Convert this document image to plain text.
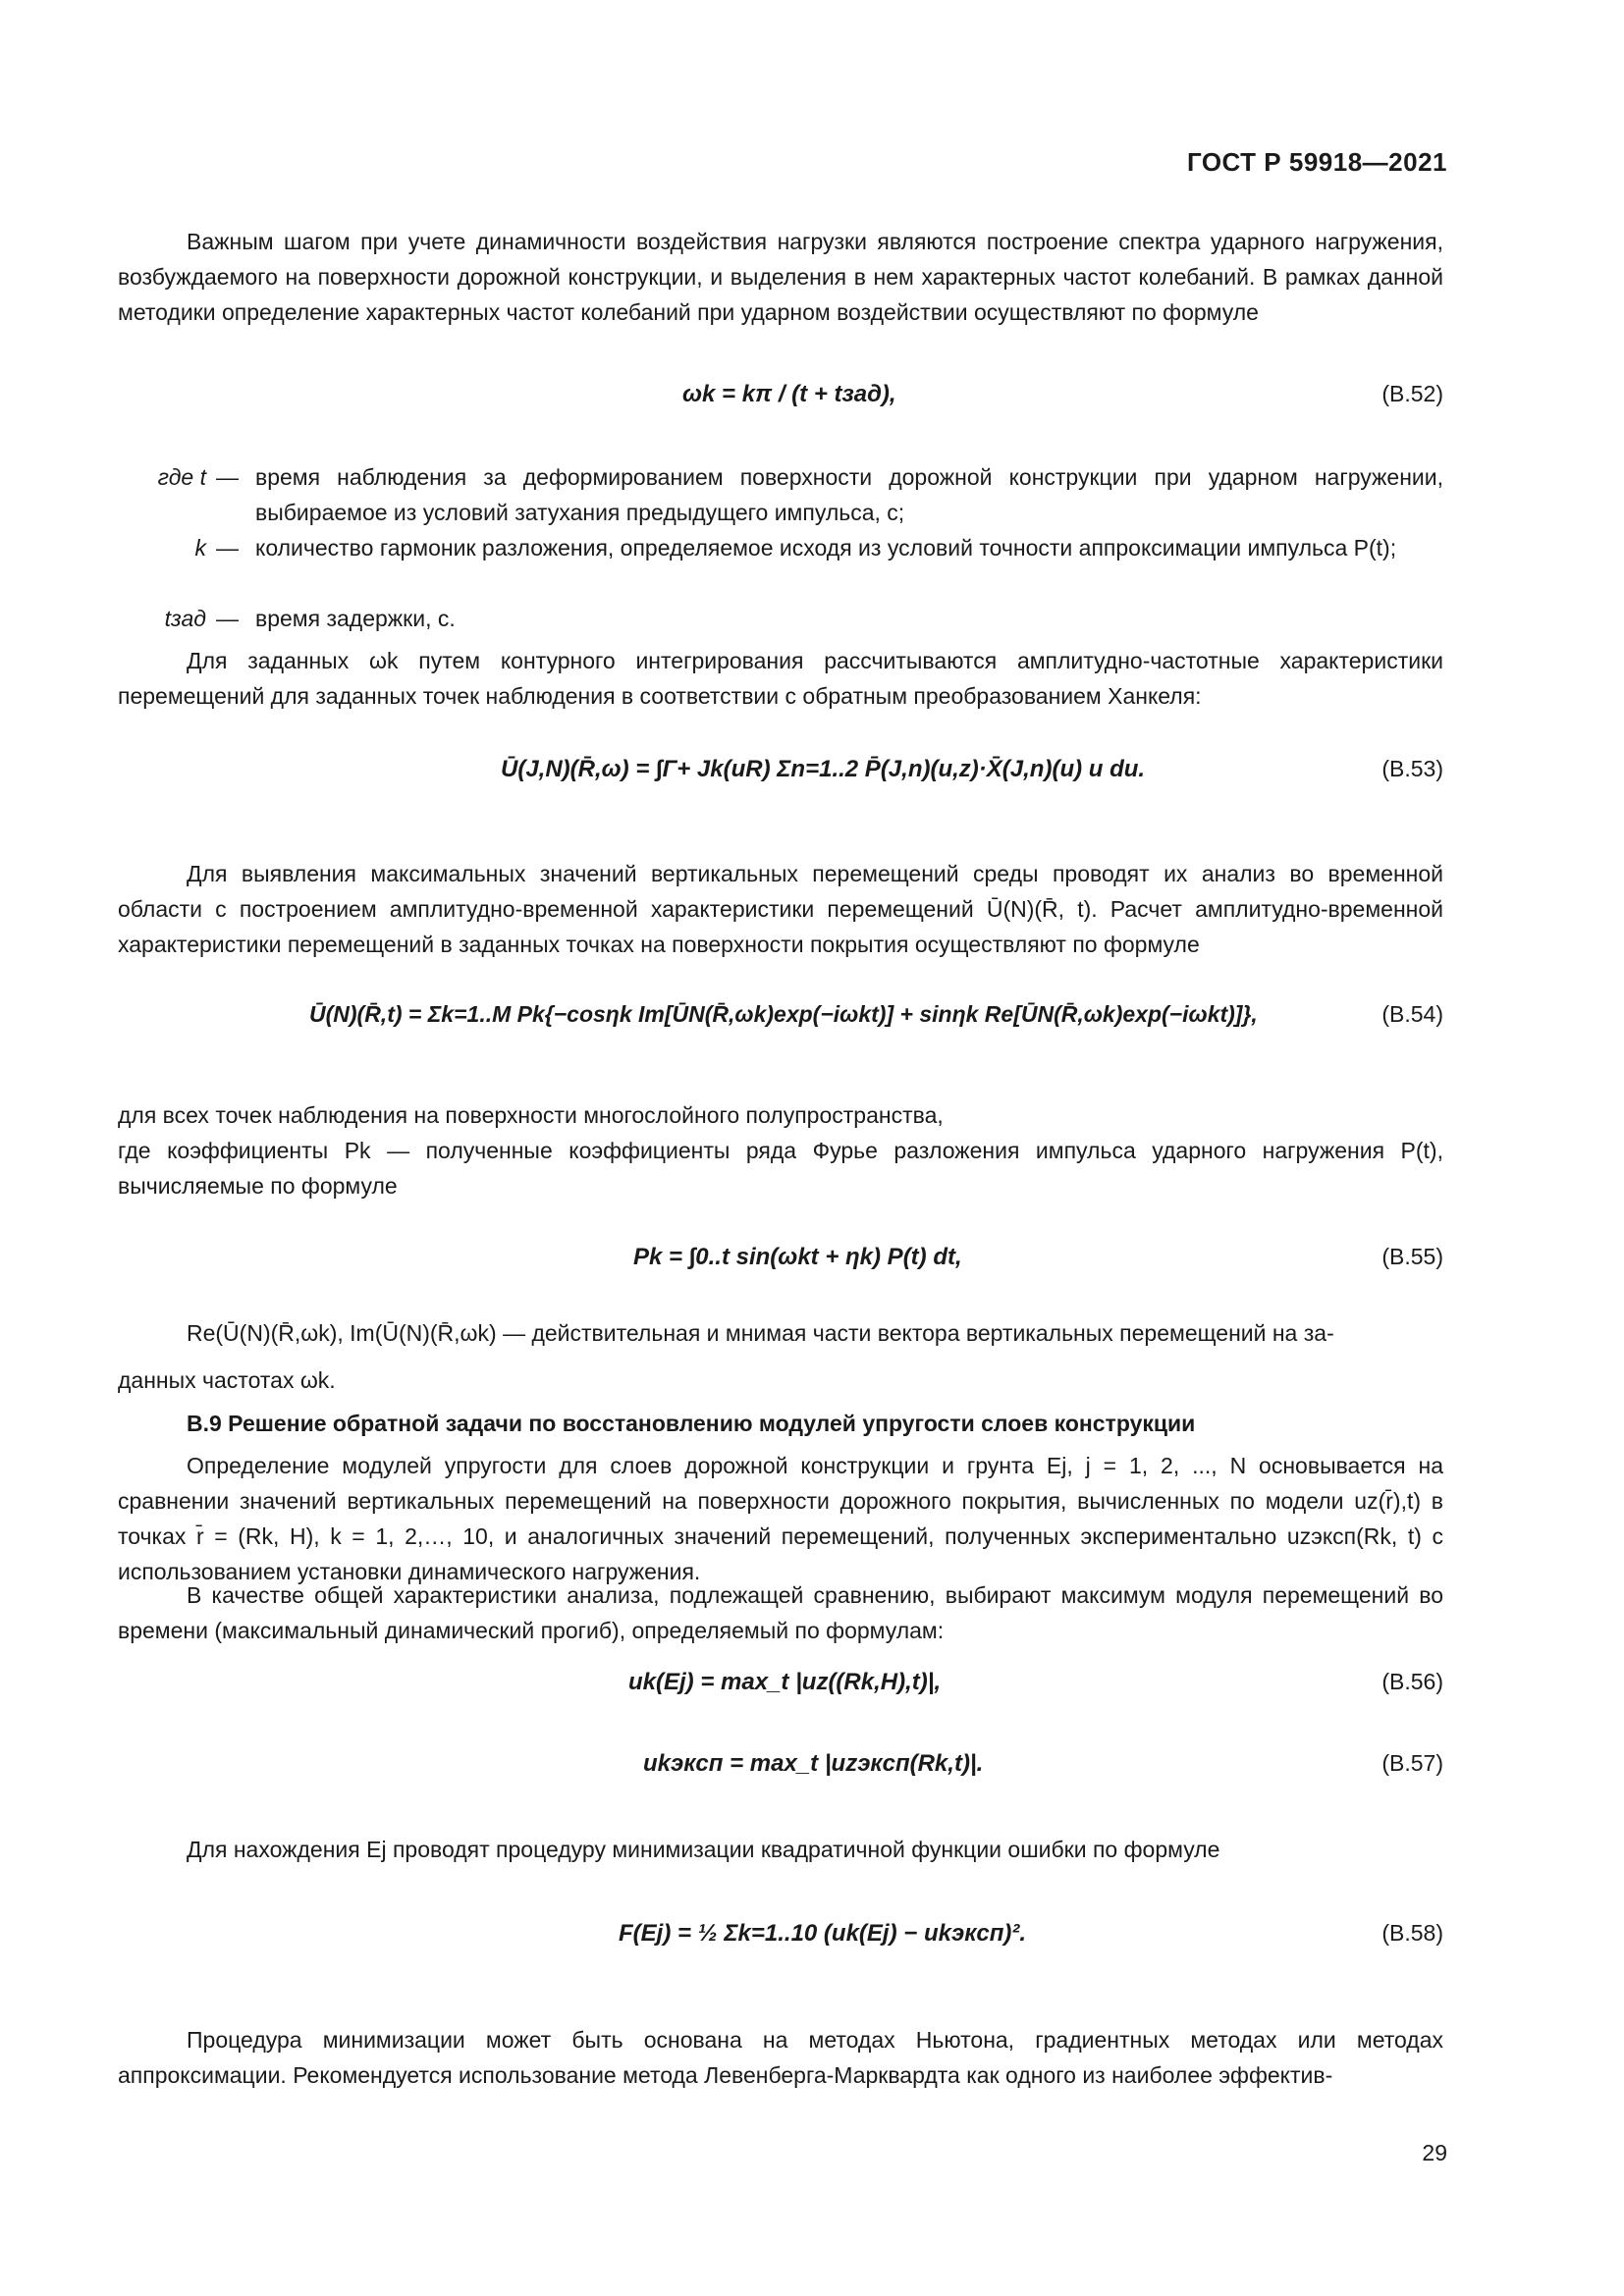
ГОСТ Р 59918—2021
Важным шагом при учете динамичности воздействия нагрузки являются построение спектра ударного нагружения, возбуждаемого на поверхности дорожной конструкции, и выделения в нем характерных частот колебаний. В рамках данной методики определение характерных частот колебаний при ударном воздействии осуществляют по формуле
ωk = kπ / (t + tзад),	(В.52)
где t — время наблюдения за деформированием поверхности дорожной конструкции при ударном нагружении, выбираемое из условий затухания предыдущего импульса, с;
k — количество гармоник разложения, определяемое исходя из условий точности аппроксимации импульса P(t);
tзад — время задержки, с.
Для заданных ωk путем контурного интегрирования рассчитываются амплитудно-частотные характеристики перемещений для заданных точек наблюдения в соответствии с обратным преобразованием Ханкеля:
Ū(J,N)(R̄,ω) = ∫Γ+ Jk(uR) Σn=1..2 P̄(J,n)(u,z)·X̄(J,n)(u) u du.	(В.53)
Для выявления максимальных значений вертикальных перемещений среды проводят их анализ во временной области с построением амплитудно-временной характеристики перемещений Ū(N)(R̄, t). Расчет амплитудно-временной характеристики перемещений в заданных точках на поверхности покрытия осуществляют по формуле
Ū(N)(R̄,t) = Σk=1..M Pk{−cosηk Im[ŪN(R̄,ωk)exp(−iωkt)] + sinηk Re[ŪN(R̄,ωk)exp(−iωkt)]},	(В.54)
для всех точек наблюдения на поверхности многослойного полупространства,
где коэффициенты Pk — полученные коэффициенты ряда Фурье разложения импульса ударного нагружения P(t), вычисляемые по формуле
Pk = ∫0..t sin(ωkt + ηk) P(t) dt,	(В.55)
Re(Ū(N)(R̄,ωk), Im(Ū(N)(R̄,ωk) — действительная и мнимая части вектора вертикальных перемещений на за-
данных частотах ωk.
В.9 Решение обратной задачи по восстановлению модулей упругости слоев конструкции
Определение модулей упругости для слоев дорожной конструкции и грунта Ej, j = 1, 2, ..., N основывается на сравнении значений вертикальных перемещений на поверхности дорожного покрытия, вычисленных по модели uz(r̄),t) в точках r̄ = (Rk, H), k = 1, 2,…, 10, и аналогичных значений перемещений, полученных экспериментально uzэксп(Rk, t) с использованием установки динамического нагружения.
В качестве общей характеристики анализа, подлежащей сравнению, выбирают максимум модуля перемещений во времени (максимальный динамический прогиб), определяемый по формулам:
uk(Ej) = max_t |uz((Rk,H),t)|,	(В.56)
ukэксп = max_t |uzэксп(Rk,t)|.	(В.57)
Для нахождения Ej проводят процедуру минимизации квадратичной функции ошибки по формуле
F(Ej) = ½ Σk=1..10 (uk(Ej) − ukэксп)².	(В.58)
Процедура минимизации может быть основана на методах Ньютона, градиентных методах или методах аппроксимации. Рекомендуется использование метода Левенберга-Марквардта как одного из наиболее эффектив-
29
